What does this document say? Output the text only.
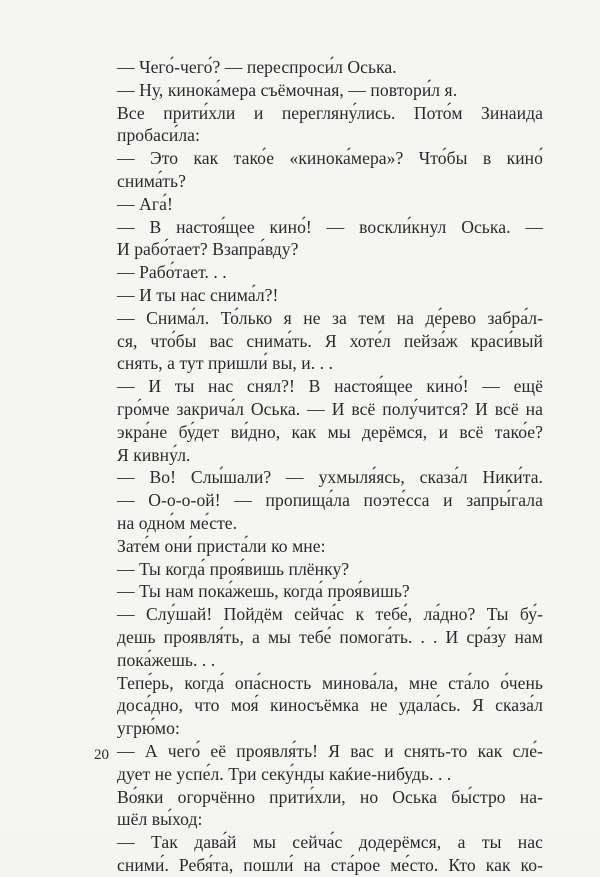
— Чего́-чего́? — переспроси́л Оська.
— Ну, кинока́мера съёмочная, — повтори́л я.
Все прити́хли и перегляну́лись. Пото́м Зинаида
пробаси́ла:
— Это как тако́е «кинока́мера»? Что́бы в кино́
снима́ть?
— Ага́!
— В настоя́щее кино́! — воскли́кнул Оська. —
И рабо́тает? Взапра́вду?
— Рабо́тает. . .
— И ты нас снима́л?!
— Снима́л. То́лько я не за тем на де́рево забра́л-
ся, что́бы вас снима́ть. Я хоте́л пейза́ж краси́вый
снять, а тут пришли́ вы, и. . .
— И ты нас снял?! В настоя́щее кино́! — ещё
гро́мче закрича́л Оська. — И всё полу́чится? И всё на
экра́не бу́дет ви́дно, как мы дерёмся, и всё тако́е?
Я кивну́л.
— Во! Слы́шали? — ухмыля́ясь, сказа́л Ники́та.
— О-о-о-ой! — пропища́ла поэте́сса и запры́гала
на одно́м ме́сте.
Зате́м они́ приста́ли ко мне:
— Ты когда́ проя́вишь плёнку?
— Ты нам пока́жешь, когда́ проя́вишь?
— Слу́шай! Пойдём сейча́с к тебе́, ла́дно? Ты бу́-
дешь проявля́ть, а мы тебе́ помога́ть. . . И сра́зу нам
пока́жешь. . .
Тепе́рь, когда́ опа́сность минова́ла, мне ста́ло о́чень
доса́дно, что моя́ киносъёмка не удала́сь. Я сказа́л
угрю́мо:
— А чего́ её проявля́ть! Я вас и снять-то как сле́-
дует не успе́л. Три секу́нды каќие-нибудь. . .
Во́яки огорчённо прити́хли, но Оська бы́стро на-
шёл вы́ход:
— Так дава́й мы сейча́с додерёмся, а ты нас
сними́. Ребя́та, пошли́ на ста́рое ме́сто. Кто как ко-
20
